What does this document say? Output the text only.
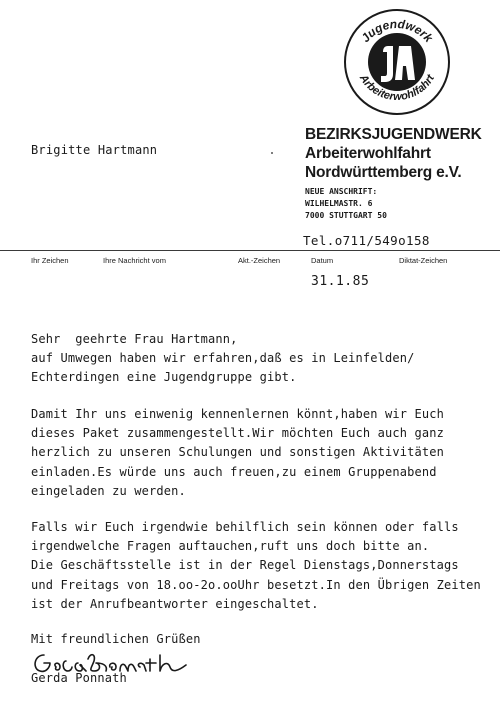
Jugendwerk
Arbeiterwohlfahrt
Brigitte Hartmann
BEZIRKSJUGENDWERK
Arbeiterwohlfahrt
Nordwürttemberg e.V.
NEUE ANSCHRIFT:
WILHELMASTR. 6
7000 STUTTGART 50
Tel.o711/549o158
Ihr Zeichen	Ihre Nachricht vom	Akt.-Zeichen	Datum	Diktat-Zeichen
31.1.85
Sehr  geehrte Frau Hartmann,
auf Umwegen haben wir erfahren,daß es in Leinfelden/
Echterdingen eine Jugendgruppe gibt.
Damit Ihr uns einwenig kennenlernen könnt,haben wir Euch
dieses Paket zusammengestellt.Wir möchten Euch auch ganz
herzlich zu unseren Schulungen und sonstigen Aktivitäten
einladen.Es würde uns auch freuen,zu einem Gruppenabend
eingeladen zu werden.
Falls wir Euch irgendwie behilflich sein können oder falls
irgendwelche Fragen auftauchen,ruft uns doch bitte an.
Die Geschäftsstelle ist in der Regel Dienstags,Donnerstags
und Freitags von 18.oo-2o.ooUhr besetzt.In den Übrigen Zeiten
ist der Anrufbeantworter eingeschaltet.
Mit freundlichen Grüßen
Gerda Ponnath
